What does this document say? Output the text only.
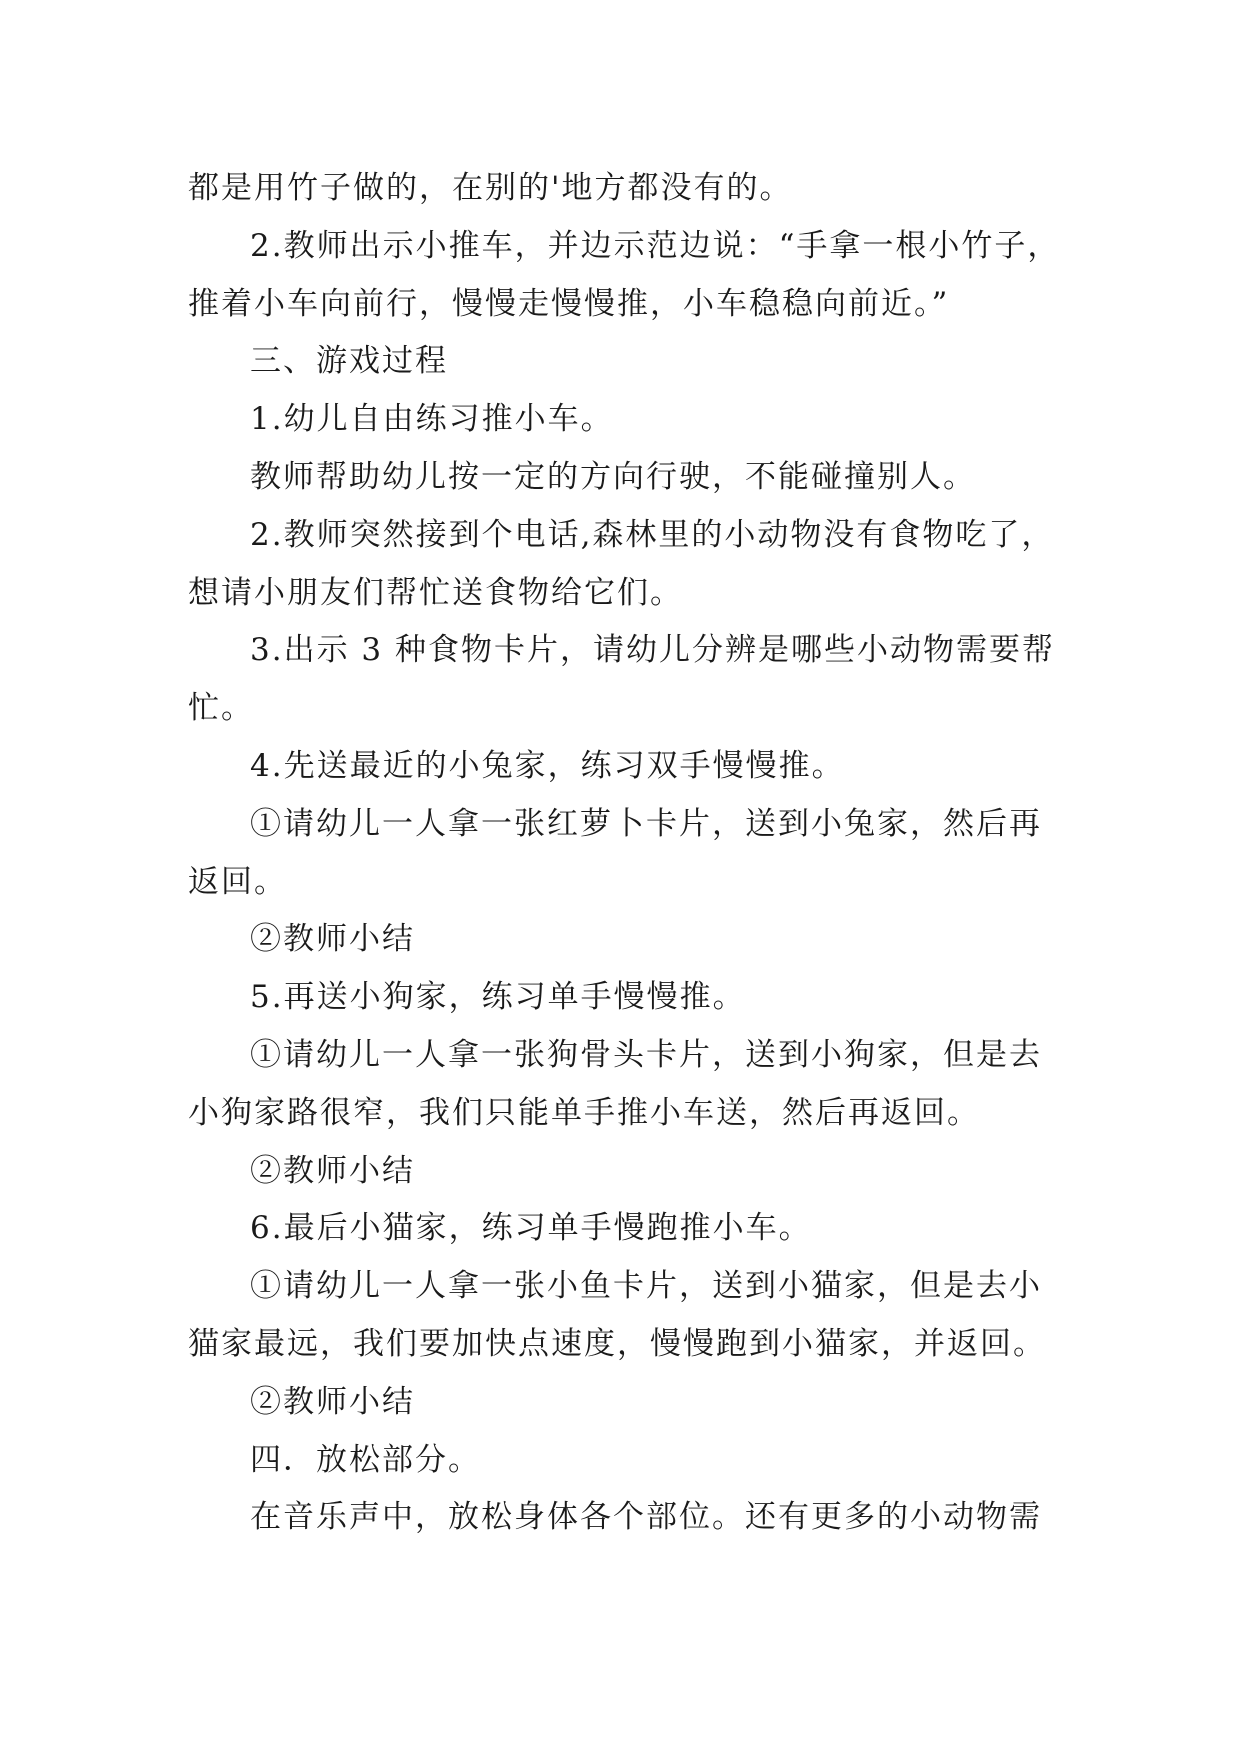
都是用竹子做的，在别的'地方都没有的。
2.教师出示小推车，并边示范边说：“手拿一根小竹子，
推着小车向前行，慢慢走慢慢推，小车稳稳向前近。”
三、游戏过程
1.幼儿自由练习推小车。
教师帮助幼儿按一定的方向行驶，不能碰撞别人。
2.教师突然接到个电话,森林里的小动物没有食物吃了，
想请小朋友们帮忙送食物给它们。
3.出示 3 种食物卡片，请幼儿分辨是哪些小动物需要帮
忙。
4.先送最近的小兔家，练习双手慢慢推。
①请幼儿一人拿一张红萝卜卡片，送到小兔家，然后再
返回。
②教师小结
5.再送小狗家，练习单手慢慢推。
①请幼儿一人拿一张狗骨头卡片，送到小狗家，但是去
小狗家路很窄，我们只能单手推小车送，然后再返回。
②教师小结
6.最后小猫家，练习单手慢跑推小车。
①请幼儿一人拿一张小鱼卡片，送到小猫家，但是去小
猫家最远，我们要加快点速度，慢慢跑到小猫家，并返回。
②教师小结
四．放松部分。
在音乐声中，放松身体各个部位。还有更多的小动物需
